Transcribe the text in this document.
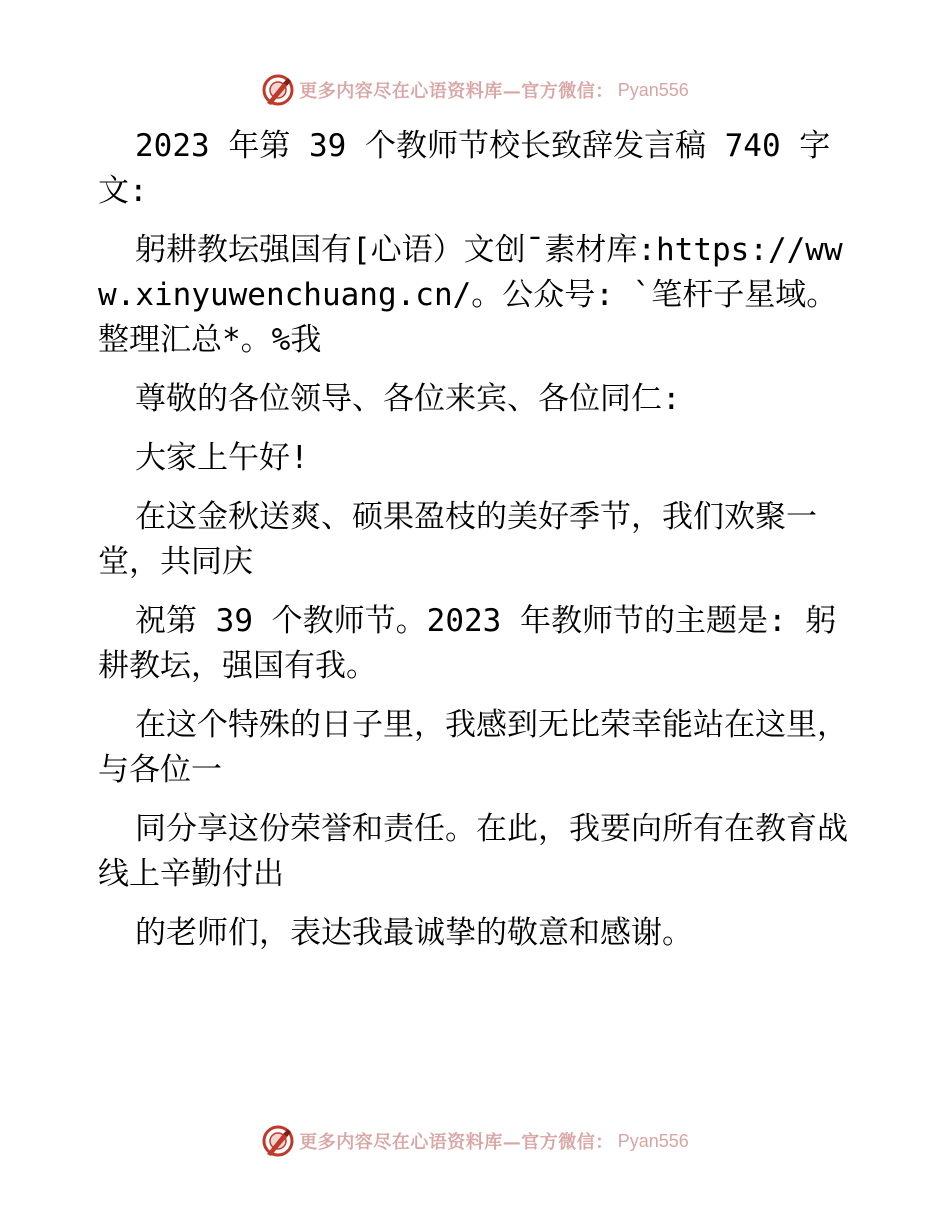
更多内容尽在心语资料库—官方微信： Pyan556

2023 年第 39 个教师节校长致辞发言稿 740 字文:

躬耕教坛强国有[心语）文创¯素材库:https://www.xinyuwenchuang.cn/。公众号: `笔杆子星域。整理汇总*。%我

尊敬的各位领导、各位来宾、各位同仁:

大家上午好!

在这金秋送爽、硕果盈枝的美好季节，我们欢聚一堂，共同庆

祝第 39 个教师节。2023 年教师节的主题是: 躬耕教坛，强国有我。

在这个特殊的日子里，我感到无比荣幸能站在这里，与各位一

同分享这份荣誉和责任。在此，我要向所有在教育战线上辛勤付出

的老师们，表达我最诚挚的敬意和感谢。

更多内容尽在心语资料库—官方微信： Pyan556
